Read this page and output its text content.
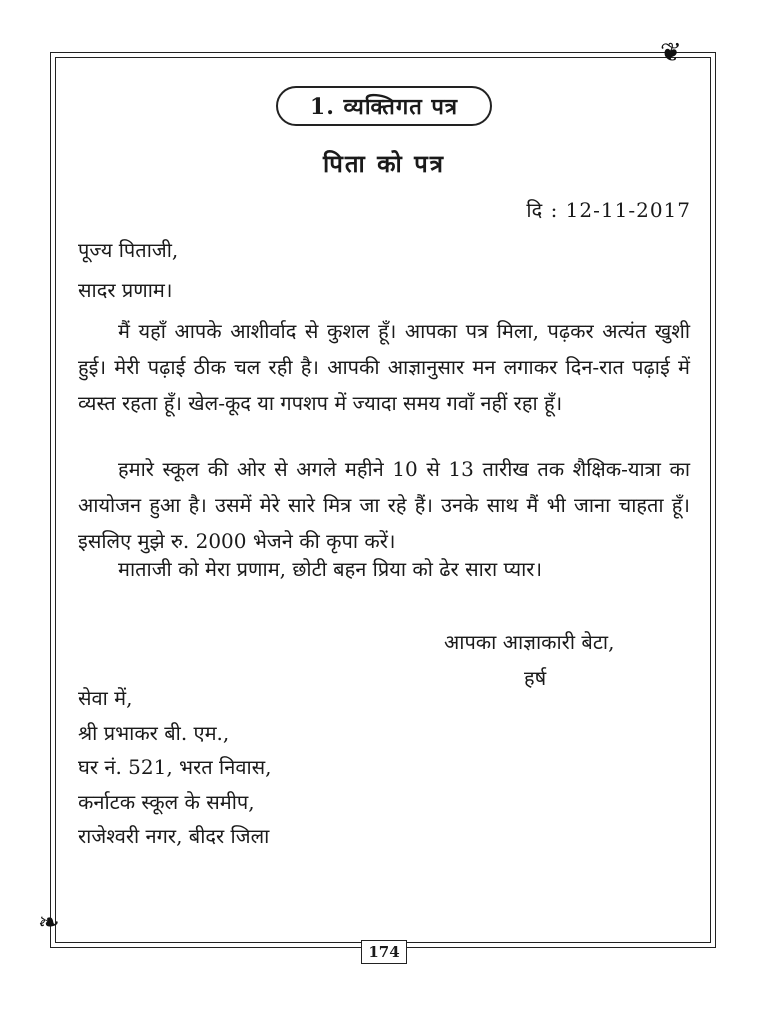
❦
❧
1. व्यक्तिगत पत्र
पिता को पत्र
दि : 12-11-2017
पूज्य पिताजी,
सादर प्रणाम।
मैं यहाँ आपके आशीर्वाद से कुशल हूँ। आपका पत्र मिला, पढ़कर अत्यंत खुशी हुई। मेरी पढ़ाई ठीक चल रही है। आपकी आज्ञानुसार मन लगाकर दिन-रात पढ़ाई में व्यस्त रहता हूँ। खेल-कूद या गपशप में ज्यादा समय गवाँ नहीं रहा हूँ।
हमारे स्कूल की ओर से अगले महीने 10 से 13 तारीख तक शैक्षिक-यात्रा का आयोजन हुआ है। उसमें मेरे सारे मित्र जा रहे हैं। उनके साथ मैं भी जाना चाहता हूँ। इसलिए मुझे रु. 2000 भेजने की कृपा करें।
माताजी को मेरा प्रणाम, छोटी बहन प्रिया को ढेर सारा प्यार।
आपका आज्ञाकारी बेटा,
हर्ष
सेवा में,
श्री प्रभाकर बी. एम.,
घर नं. 521, भरत निवास,
कर्नाटक स्कूल के समीप,
राजेश्वरी नगर, बीदर जिला
174
